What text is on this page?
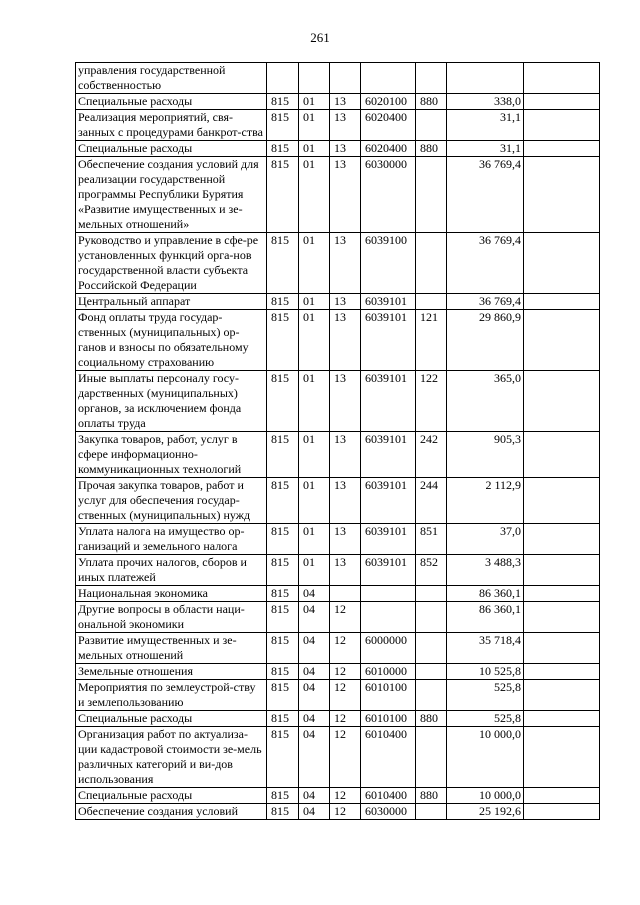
261
управления государственной собственностью							
Специальные расходы	815	01	13	6020100	880	338,0	
Реализация мероприятий, свя-занных с процедурами банкрот-ства	815	01	13	6020400		31,1	
Специальные расходы	815	01	13	6020400	880	31,1	
Обеспечение создания условий для реализации государственной программы Республики Бурятия «Развитие имущественных и зе-мельных отношений»	815	01	13	6030000		36 769,4	
Руководство и управление в сфе-ре установленных функций орга-нов государственной власти субъекта Российской Федерации	815	01	13	6039100		36 769,4	
Центральный аппарат	815	01	13	6039101		36 769,4	
Фонд оплаты труда государ-ственных (муниципальных) ор-ганов и взносы по обязательному социальному страхованию	815	01	13	6039101	121	29 860,9	
Иные выплаты персоналу госу-дарственных (муниципальных) органов, за исключением фонда оплаты труда	815	01	13	6039101	122	365,0	
Закупка товаров, работ, услуг в сфере информационно-коммуникационных технологий	815	01	13	6039101	242	905,3	
Прочая закупка товаров, работ и услуг для обеспечения государ-ственных (муниципальных) нужд	815	01	13	6039101	244	2 112,9	
Уплата налога на имущество ор-ганизаций и земельного налога	815	01	13	6039101	851	37,0	
Уплата прочих налогов, сборов и иных платежей	815	01	13	6039101	852	3 488,3	
Национальная экономика	815	04				86 360,1	
Другие вопросы в области наци-ональной экономики	815	04	12			86 360,1	
Развитие имущественных и зе-мельных отношений	815	04	12	6000000		35 718,4	
Земельные отношения	815	04	12	6010000		10 525,8	
Мероприятия по землеустрой-ству и землепользованию	815	04	12	6010100		525,8	
Специальные расходы	815	04	12	6010100	880	525,8	
Организация работ по актуализа-ции кадастровой стоимости зе-мель различных категорий и ви-дов использования	815	04	12	6010400		10 000,0	
Специальные расходы	815	04	12	6010400	880	10 000,0	
Обеспечение создания условий	815	04	12	6030000		25 192,6	
